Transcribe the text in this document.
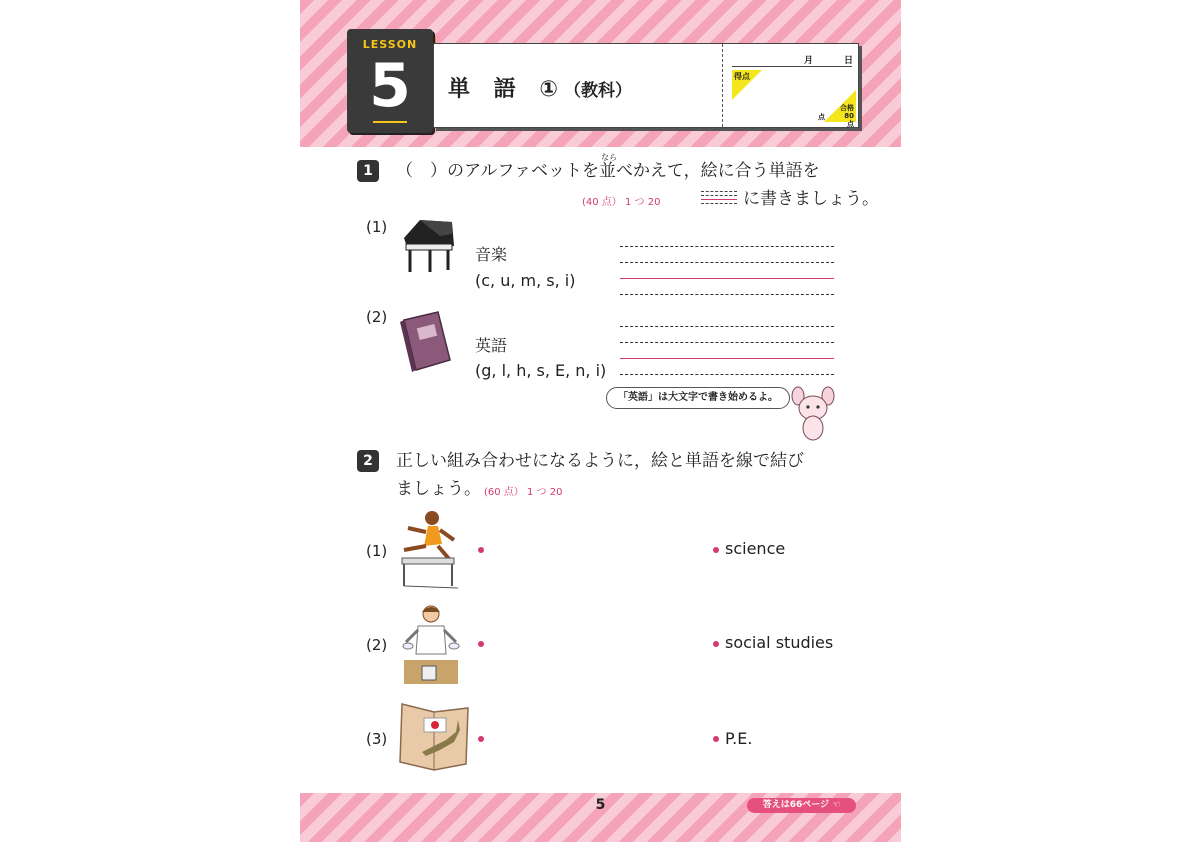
LESSON
5	単 語 ①
（教科）
月	日
得点
点
合格
80点
1
なら
（　）のアルファベットを並べかえて，絵に合う単語を
に書きましょう。
(40 点） 1 つ 20
(1)
音楽
(c, u, m, s, i)
(2)
英語
(g, l, h, s, E, n, i)
「英語」は大文字で書き始めるよ。
2	正しい組み合わせになるように，絵と単語を線で結び
ましょう。 (60 点） 1 つ 20
(1)	science
(2)	social studies
(3)	P.E.
5	答えは66ページ ☜
